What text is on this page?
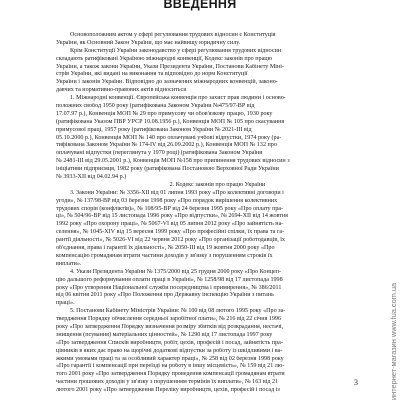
ВВЕДЕННЯ
Основоположним актом у сфері регулювання трудових відносин є Конституція
України, як Основний Закон України, що має найвищу юридичну силу.
Крім Конституції України законодавство у сфері регулювання трудових відносин
складають ратифіковані Україною міжнародні конвенції, Кодекс законів про працю
України, а також закони України, Укази Президента України, Постанови Кабінету Міні-
стрів України, які видані на виконання та відповідно до норм Конституції
України і законів України. Відповідно до зазначених міжнародних конвенцій, законо-
давчих та нормативно-правових актів відноситься
1. Міжнародні конвенції. Європейська конвенція про захист прав людини і осново-
положних свобод 1950 року (ратифікована Законом України №475/97-ВР від
17.07.97 р.), Конвенція МОП № 29 про примусову чи обов'язкову працю, 1930 року
(ратифікована Указом ПВР УРСР 10.08.1956 р.), Конвенція МОП № 105 про скасування
примусової праці, 1957 року (ратифікована Законом України № 2021-III від
05.10.2000 р.), Конвенція МОП № 140 про оплачувані учбові відпустки, 1974 року (ра-
тифікована Законом України № 174-IV від 26.09.2002 р.), Конвенція МОП № 132 про
оплачувані відпустки (переглянута у 1970 році) (ратифікована Законом України
№ 2481-III від 29.05.2001 р.), Конвенція МОП №158 про припинення трудових відносин з
ініціативи підприємця, 1982 року (ратифікована Постановою Верховної Ради України
№ 3933-XII від 04.02.94 р.)
2. Кодекс законів про працю України
3. Закони України: № 3356-XII від 01 липня 1993 року «Про колективні договори і
угоди», № 137/98-ВР від 03 березня 1998 року «Про порядок вирішення колективних
трудових спорів (конфліктів)», № 108/95-ВР від 24 березня 1995 року «Про оплату пра-
ці», № 504/96-ВР від 15 листопада 1996 року «Про відпустки», № 2694-XII від 14 жовтня
1992 року «Про охорону праці», № 5067-VI від 05 липня 2012 року «Про зайнятість на-
селення», № 1045-XIV від 15 вересня 1999 року «Про професійні спілки, їх права та га-
рантії діяльності», № 5026-VI від 22 червня 2012 року «Про організації роботодавців, їх
об'єднання, права і гарантії їх діяльності», № 2050-III від 19 жовтня 2000 року «Про
компенсацію громадянам втрати частини доходів у зв'язку з порушенням строків їх
виплати».
4. Укази Президента України № 1375/2000 від 25 грудня 2000 року «Про Концеп-
цію дальшого реформування оплати праці в Україні», № 1258/98 від 17 листопада 1998
року «Про утворення Національної служби посередництва і примирення», № 386/2011
від 06 квітня 2011 року «Про Положення про Державну інспекцію України з питань
праці».
5. Постанови Кабінету Міністрів України: № 100 від 08 лютого 1995 року «Про за-
твердження Порядку обчислення середньої заробітної плати», № 216 від 22 січня 1996
року «Про затвердження Порядку визначення розміру збитків від розкрадання, нестачі,
знищення (псування) матеріальних цінностей», № 1290 від 17 листопада 1997 року
«Про затвердження Списків виробництв, робіт, цехів, професій і посад, зайнятість пра-
цівників в яких дає право на щорічні додаткові відпустки за роботу із шкідливими і ва-
жкими умовами праці та за особливий характер праці», № 258 від 02 березня 1998 року
«Про гарантії і компенсації при переїзді на роботу в іншу місцевість», № 159 від 21 лю-
того 2001 року «Про затвердження Порядку проведення компенсації громадянам втрати
частини грошових доходів у зв'язку з порушенням термінів їх виплати», № 163 від 21
лютого 2001 року «Про затвердження Переліку виробництв, цехів, професій і посад із
3	интернет-магазин www.fua.com.ua
